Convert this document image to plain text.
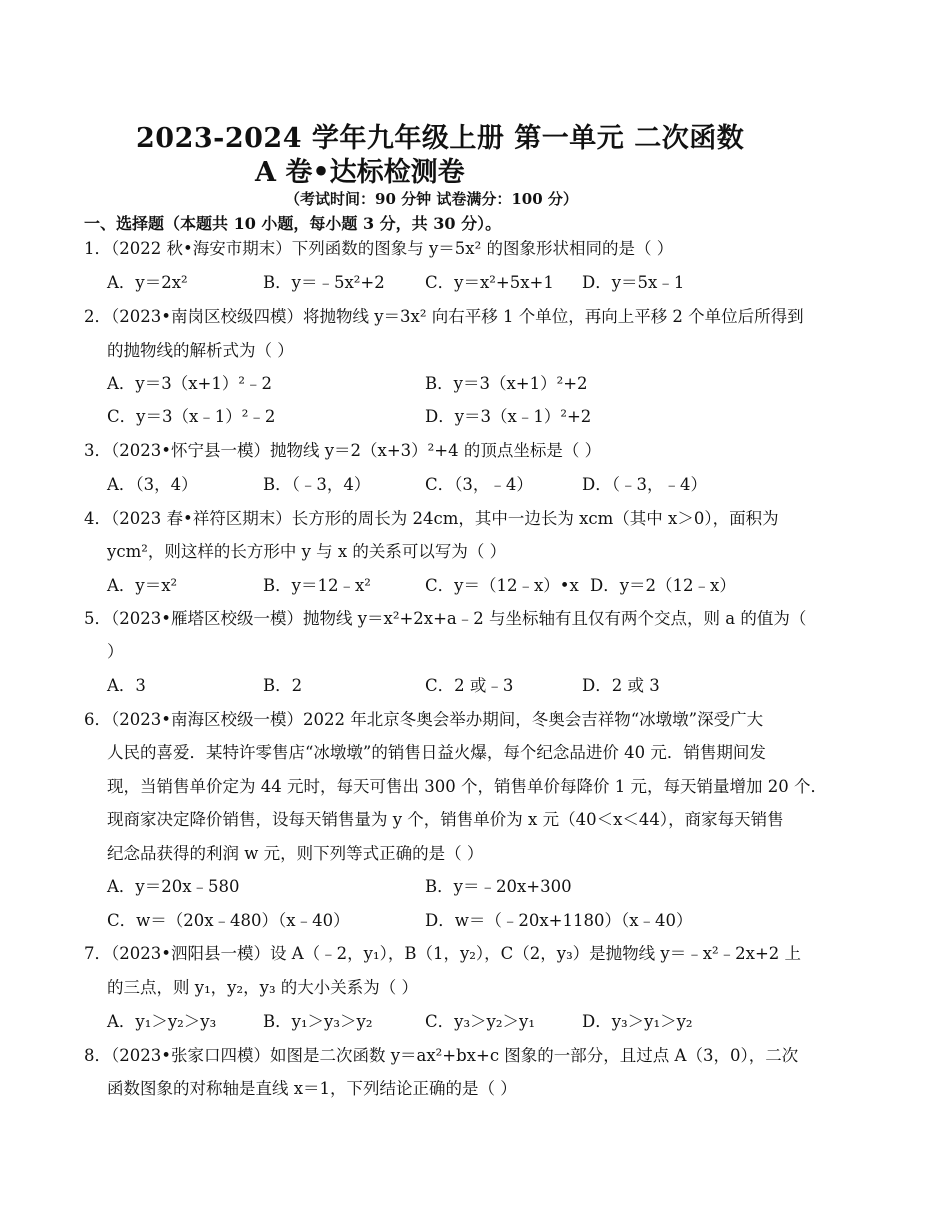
2023-2024 学年九年级上册 第一单元 二次函数
A 卷•达标检测卷
（考试时间：90 分钟 试卷满分：100 分）
一、选择题（本题共 10 小题，每小题 3 分，共 30 分）。
1．（2022 秋•海安市期末）下列函数的图象与 y＝5x² 的图象形状相同的是（ ）
A．y＝2x²	B．y＝﹣5x²+2 C．y＝x²+5x+1 D．y＝5x﹣1
2．（2023•南岗区校级四模）将抛物线 y＝3x² 向右平移 1 个单位，再向上平移 2 个单位后所得到
的抛物线的解析式为（ ）
A．y＝3（x+1）²﹣2	B．y＝3（x+1）²+2
C．y＝3（x﹣1）²﹣2	D．y＝3（x﹣1）²+2
3．（2023•怀宁县一模）抛物线 y＝2（x+3）²+4 的顶点坐标是（ ）
A．（3，4）	B．（﹣3，4）	C．（3，﹣4）	D．（﹣3，﹣4）
4．（2023 春•祥符区期末）长方形的周长为 24cm，其中一边长为 xcm（其中 x＞0），面积为
ycm²，则这样的长方形中 y 与 x 的关系可以写为（ ）
A．y＝x²	B．y＝12﹣x²	C．y＝（12﹣x）•x D．y＝2（12﹣x）
5．（2023•雁塔区校级一模）抛物线 y＝x²+2x+a﹣2 与坐标轴有且仅有两个交点，则 a 的值为（
）
A．3	B．2	C．2 或﹣3	D．2 或 3
6．（2023•南海区校级一模）2022 年北京冬奥会举办期间，冬奥会吉祥物“冰墩墩”深受广大
人民的喜爱．某特许零售店“冰墩墩”的销售日益火爆，每个纪念品进价 40 元．销售期间发
现，当销售单价定为 44 元时，每天可售出 300 个，销售单价每降价 1 元，每天销量增加 20 个．
现商家决定降价销售，设每天销售量为 y 个，销售单价为 x 元（40＜x＜44），商家每天销售
纪念品获得的利润 w 元，则下列等式正确的是（ ）
A．y＝20x﹣580	B．y＝﹣20x+300
C．w＝（20x﹣480）（x﹣40）	D．w＝（﹣20x+1180）（x﹣40）
7．（2023•泗阳县一模）设 A（﹣2，y₁），B（1，y₂），C（2，y₃）是抛物线 y＝﹣x²﹣2x+2 上
的三点，则 y₁，y₂，y₃ 的大小关系为（ ）
A．y₁＞y₂＞y₃	B．y₁＞y₃＞y₂	C．y₃＞y₂＞y₁	D．y₃＞y₁＞y₂
8．（2023•张家口四模）如图是二次函数 y＝ax²+bx+c 图象的一部分，且过点 A（3，0），二次
函数图象的对称轴是直线 x＝1，下列结论正确的是（ ）
